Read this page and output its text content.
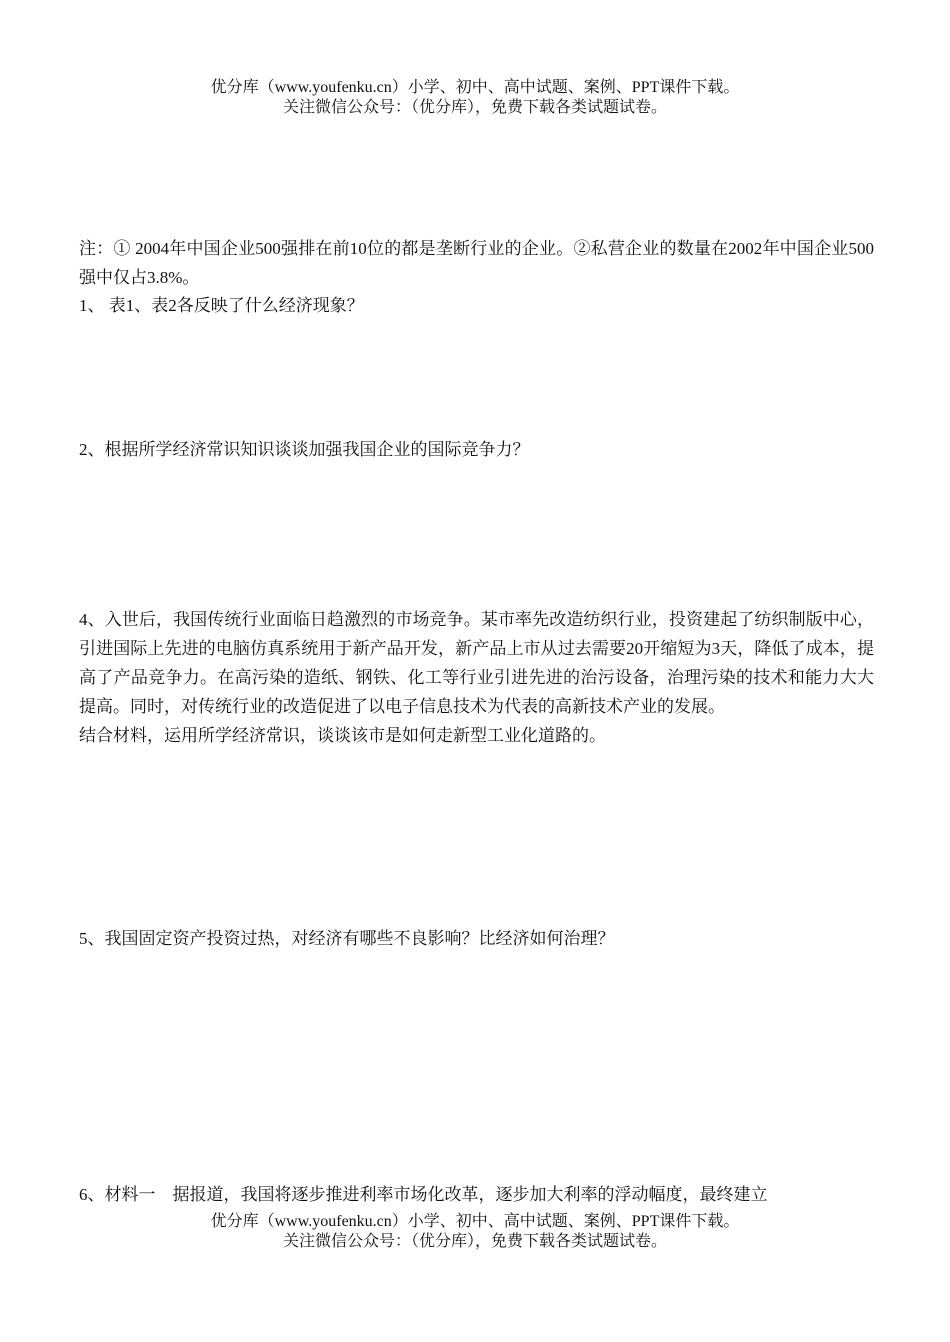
优分库（www.youfenku.cn）小学、初中、高中试题、案例、PPT课件下载。
关注微信公众号：（优分库），免费下载各类试题试卷。

注：① 2004年中国企业500强排在前10位的都是垄断行业的企业。②私营企业的数量在2002年中国企业500强中仅占3.8%。

1、 表1、表2各反映了什么经济现象？

2、根据所学经济常识知识谈谈加强我国企业的国际竞争力？

4、入世后，我国传统行业面临日趋激烈的市场竞争。某市率先改造纺织行业，投资建起了纺织制版中心，引进国际上先进的电脑仿真系统用于新产品开发，新产品上市从过去需要20开缩短为3天，降低了成本，提高了产品竞争力。在高污染的造纸、钢铁、化工等行业引进先进的治污设备，治理污染的技术和能力大大提高。同时，对传统行业的改造促进了以电子信息技术为代表的高新技术产业的发展。

结合材料，运用所学经济常识，谈谈该市是如何走新型工业化道路的。

5、我国固定资产投资过热，对经济有哪些不良影响？比经济如何治理？

6、材料一　据报道，我国将逐步推进利率市场化改革，逐步加大利率的浮动幅度，最终建立

优分库（www.youfenku.cn）小学、初中、高中试题、案例、PPT课件下载。
关注微信公众号：（优分库），免费下载各类试题试卷。
